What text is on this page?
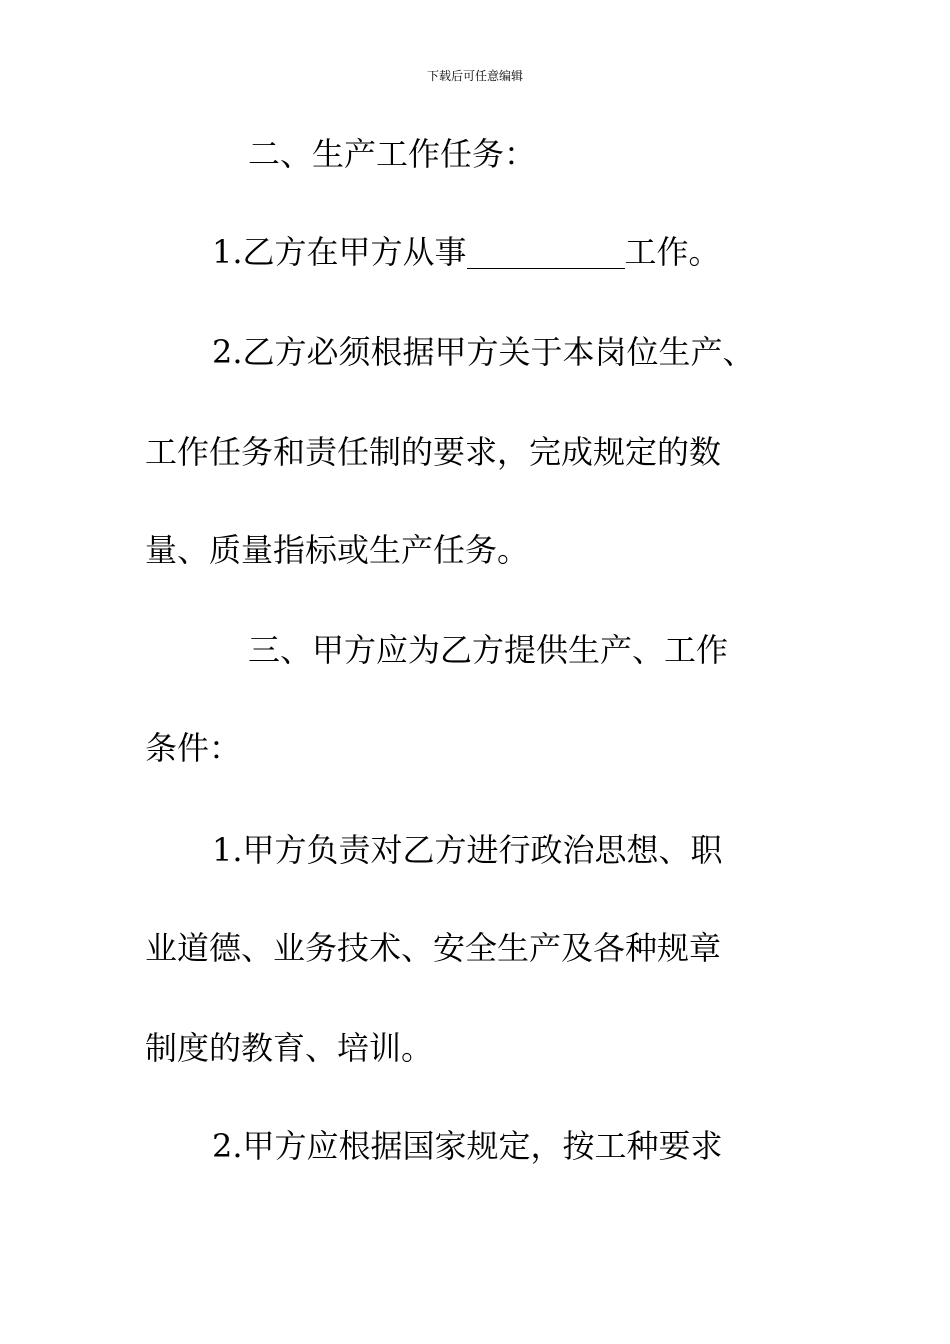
下载后可任意编辑
二、生产工作任务：
1.乙方在甲方从事	工作。
2.乙方必须根据甲方关于本岗位生产、
工作任务和责任制的要求，完成规定的数
量、质量指标或生产任务。
三、甲方应为乙方提供生产、工作
条件：
1.甲方负责对乙方进行政治思想、职
业道德、业务技术、安全生产及各种规章
制度的教育、培训。
2.甲方应根据国家规定，按工种要求
